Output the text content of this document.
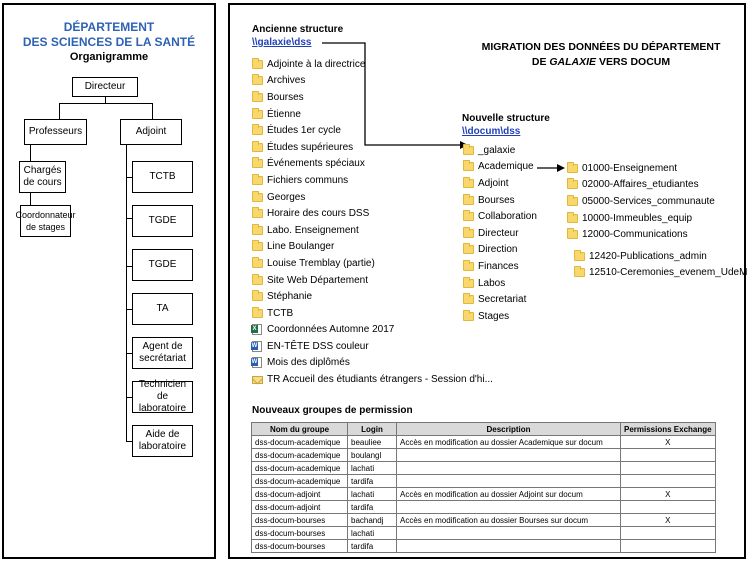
DÉPARTEMENT
DES SCIENCES DE LA SANTÉ
Organigramme
Directeur
Professeurs	Adjoint
Chargés de cours
Coordonnateur de stages
TCTB
TGDE
TGDE
TA
Agent de secrétariat
Technicien de laboratoire
Aide de laboratoire
MIGRATION DES DONNÉES DU DÉPARTEMENT
DE GALAXIE VERS DOCUM
Ancienne structure
\\galaxie\dss
Adjointe à la directrice
Archives
Bourses
Étienne
Études 1er cycle
Études supérieures
Événements spéciaux
Fichiers communs
Georges
Horaire des cours DSS
Labo. Enseignement
Line Boulanger
Louise Tremblay (partie)
Site Web Département
Stéphanie
TCTB
X
Coordonnées Automne 2017
W
EN-TÊTE DSS couleur
W
Mois des diplômés
TR Accueil des étudiants étrangers - Session d'hi...
Nouvelle structure
\\docum\dss
_galaxie
Academique
Adjoint
Bourses
Collaboration
Directeur
Direction
Finances
Labos
Secretariat
Stages
01000-Enseignement
02000-Affaires_etudiantes
05000-Services_communaute
10000-Immeubles_equip
12000-Communications
12420-Publications_admin
12510-Ceremonies_evenem_UdeM
Nouveaux groupes de permission
Nom du groupe	Login	Description	Permissions Exchange
dss-docum-academique	beauliee	Accès en modification au dossier Academique sur docum	X
dss-docum-academique	boulangl		
dss-docum-academique	lachati		
dss-docum-academique	tardifa		
dss-docum-adjoint	lachati	Accès en modification au dossier Adjoint sur docum	X
dss-docum-adjoint	tardifa		
dss-docum-bourses	bachandj	Accès en modification au dossier Bourses sur docum	X
dss-docum-bourses	lachati		
dss-docum-bourses	tardifa		
